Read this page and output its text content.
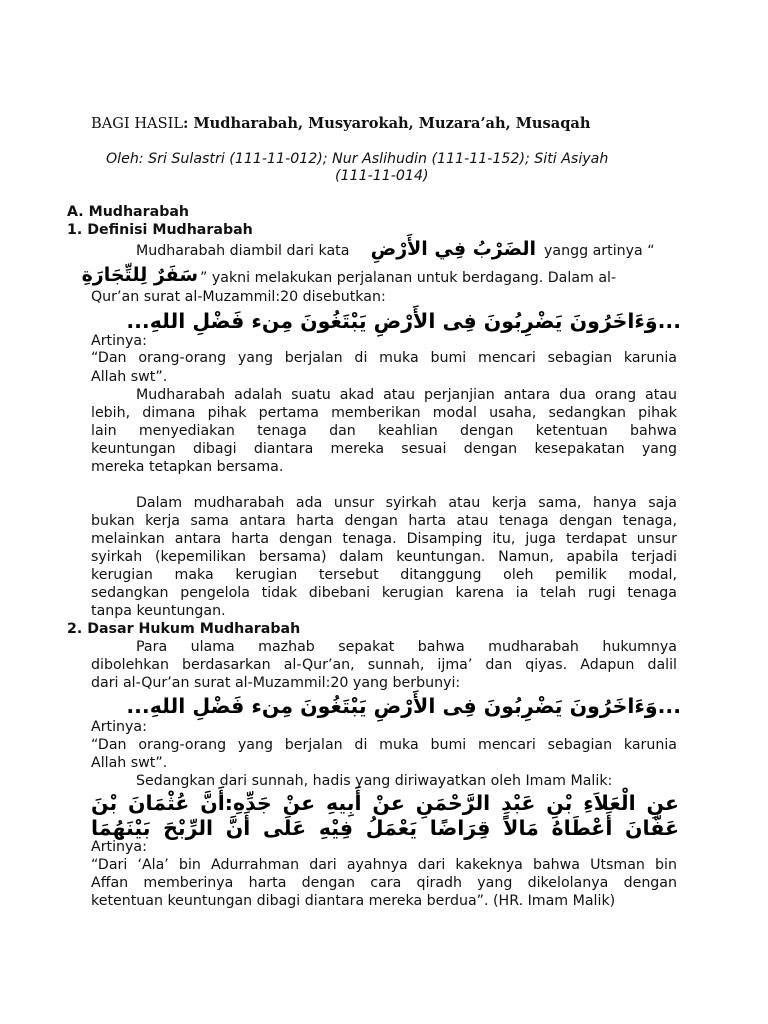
BAGI HASIL: Mudharabah, Musyarokah, Muzara’ah, Musaqah
Oleh: Sri Sulastri (111-11-012); Nur Aslihudin (111-11-152); Siti Asiyah
(111-11-014)
A. Mudharabah
1. Definisi Mudharabah
Mudharabah diambil dari kata الضَرْبُ فِي الأَرْضِ yangg artinya “
سَفَرٌ لِلتِّجَارَةِ ” yakni melakukan perjalanan untuk berdagang. Dalam al-
Qur’an surat al-Muzammil:20 disebutkan:
...وَءَاخَرُونَ يَضْرِبُونَ فِى الأَرْضِ يَبْتَغُونَ مِنء فَضْلِ اللهِ...
Artinya:
“Dan orang-orang yang berjalan di muka bumi mencari sebagian karunia
Allah swt”.
Mudharabah adalah suatu akad atau perjanjian antara dua orang atau
lebih, dimana pihak pertama memberikan modal usaha, sedangkan pihak
lain menyediakan tenaga dan keahlian dengan ketentuan bahwa
keuntungan dibagi diantara mereka sesuai dengan kesepakatan yang
mereka tetapkan bersama.
Dalam mudharabah ada unsur syirkah atau kerja sama, hanya saja
bukan kerja sama antara harta dengan harta atau tenaga dengan tenaga,
melainkan antara harta dengan tenaga. Disamping itu, juga terdapat unsur
syirkah (kepemilikan bersama) dalam keuntungan. Namun, apabila terjadi
kerugian maka kerugian tersebut ditanggung oleh pemilik modal,
sedangkan pengelola tidak dibebani kerugian karena ia telah rugi tenaga
tanpa keuntungan.
2. Dasar Hukum Mudharabah
Para ulama mazhab sepakat bahwa mudharabah hukumnya
dibolehkan berdasarkan al-Qur’an, sunnah, ijma’ dan qiyas. Adapun dalil
dari al-Qur’an surat al-Muzammil:20 yang berbunyi:
...وَءَاخَرُونَ يَضْرِبُونَ فِى الأَرْضِ يَبْتَغُونَ مِنء فَضْلِ اللهِ...
Artinya:
“Dan orang-orang yang berjalan di muka bumi mencari sebagian karunia
Allah swt”.
Sedangkan dari sunnah, hadis yang diriwayatkan oleh Imam Malik:
عنِ الْعَلاَءِ بْنِ عَبْدِ الرَّحْمَنِ عنْ أَبِيهِ عنْ جَدِّهِ:أَنَّ عُثْمَانَ بْنَ
عَفَّانَ أَعْطَاهُ مَالاً قِرَاضًا يَعْمَلُ فِيْهِ عَلَى أَنَّ الرِّبْحَ بَيْنَهُمَا
Artinya:
“Dari ‘Ala’ bin Adurrahman dari ayahnya dari kakeknya bahwa Utsman bin
Affan memberinya harta dengan cara qiradh yang dikelolanya dengan
ketentuan keuntungan dibagi diantara mereka berdua”. (HR. Imam Malik)
